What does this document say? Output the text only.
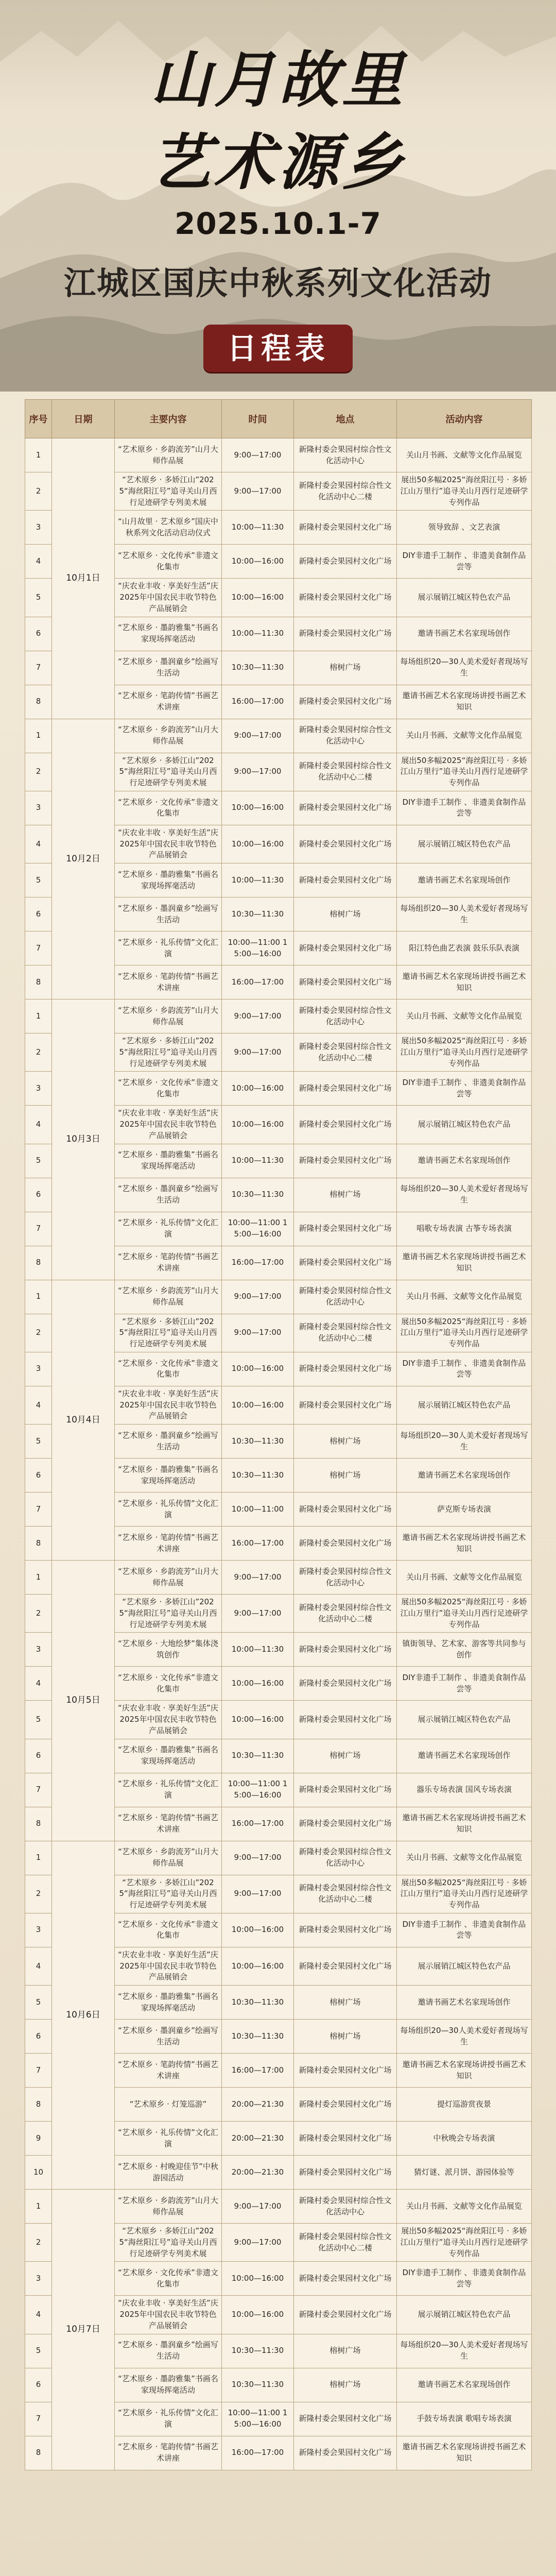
山月故里
艺术源乡
2025.10.1-7
江城区国庆中秋系列文化活动
日程表
序号	日期	主要内容	时间	地点	活动内容
1	10月1日	“艺术原乡 · 乡韵流芳”山月大师作品展	9:00—17:00	新隆村委会果园村综合性文化活动中心	关山月书画、文献等文化作品展览
2		“艺术原乡 · 多娇江山”2025“海丝阳江号”追寻关山月西行足迹研学专列美术展	9:00—17:00	新隆村委会果园村综合性文化活动中心二楼	展出50多幅2025“海丝阳江号 · 多娇江山万里行”追寻关山月西行足迹研学专列作品
3		“山月故里 · 艺术原乡”国庆中秋系列文化活动启动仪式	10:00—11:30	新隆村委会果园村文化广场	领导致辞 、文艺表演
4		“艺术原乡 · 文化传承”非遗文化集市	10:00—16:00	新隆村委会果园村文化广场	DIY非遗手工制作 、非遗美食制作品尝等
5		“庆农业丰收 · 享美好生活”庆2025年中国农民丰收节特色产品展销会	10:00—16:00	新隆村委会果园村文化广场	展示展销江城区特色农产品
6		“艺术原乡 · 墨韵雅集”书画名家现场挥毫活动	10:00—11:30	新隆村委会果园村文化广场	邀请书画艺术名家现场创作
7		“艺术原乡 · 墨润童乡”绘画写生活动	10:30—11:30	榕树广场	每场组织20—30人美术爱好者现场写生
8		“艺术原乡 · 笔韵传情”书画艺术讲座	16:00—17:00	新隆村委会果园村文化广场	邀请书画艺术名家现场讲授书画艺术知识
1	10月2日	“艺术原乡 · 乡韵流芳”山月大师作品展	9:00—17:00	新隆村委会果园村综合性文化活动中心	关山月书画、文献等文化作品展览
2		“艺术原乡 · 多娇江山”2025“海丝阳江号”追寻关山月西行足迹研学专列美术展	9:00—17:00	新隆村委会果园村综合性文化活动中心二楼	展出50多幅2025“海丝阳江号 · 多娇江山万里行”追寻关山月西行足迹研学专列作品
3		“艺术原乡 · 文化传承”非遗文化集市	10:00—16:00	新隆村委会果园村文化广场	DIY非遗手工制作 、非遗美食制作品尝等
4		“庆农业丰收 · 享美好生活”庆2025年中国农民丰收节特色产品展销会	10:00—16:00	新隆村委会果园村文化广场	展示展销江城区特色农产品
5		“艺术原乡 · 墨韵雅集”书画名家现场挥毫活动	10:00—11:30	新隆村委会果园村文化广场	邀请书画艺术名家现场创作
6		“艺术原乡 · 墨润童乡”绘画写生活动	10:30—11:30	榕树广场	每场组织20—30人美术爱好者现场写生
7		“艺术原乡 · 礼乐传情”文化汇演	10:00—11:00 15:00—16:00	新隆村委会果园村文化广场	阳江特色曲艺表演 鼓乐乐队表演
8		“艺术原乡 · 笔韵传情”书画艺术讲座	16:00—17:00	新隆村委会果园村文化广场	邀请书画艺术名家现场讲授书画艺术知识
1	10月3日	“艺术原乡 · 乡韵流芳”山月大师作品展	9:00—17:00	新隆村委会果园村综合性文化活动中心	关山月书画、文献等文化作品展览
2		“艺术原乡 · 多娇江山”2025“海丝阳江号”追寻关山月西行足迹研学专列美术展	9:00—17:00	新隆村委会果园村综合性文化活动中心二楼	展出50多幅2025“海丝阳江号 · 多娇江山万里行”追寻关山月西行足迹研学专列作品
3		“艺术原乡 · 文化传承”非遗文化集市	10:00—16:00	新隆村委会果园村文化广场	DIY非遗手工制作 、非遗美食制作品尝等
4		“庆农业丰收 · 享美好生活”庆2025年中国农民丰收节特色产品展销会	10:00—16:00	新隆村委会果园村文化广场	展示展销江城区特色农产品
5		“艺术原乡 · 墨韵雅集”书画名家现场挥毫活动	10:00—11:30	新隆村委会果园村文化广场	邀请书画艺术名家现场创作
6		“艺术原乡 · 墨润童乡”绘画写生活动	10:30—11:30	榕树广场	每场组织20—30人美术爱好者现场写生
7		“艺术原乡 · 礼乐传情”文化汇演	10:00—11:00 15:00—16:00	新隆村委会果园村文化广场	唱歌专场表演 古筝专场表演
8		“艺术原乡 · 笔韵传情”书画艺术讲座	16:00—17:00	新隆村委会果园村文化广场	邀请书画艺术名家现场讲授书画艺术知识
1	10月4日	“艺术原乡 · 乡韵流芳”山月大师作品展	9:00—17:00	新隆村委会果园村综合性文化活动中心	关山月书画、文献等文化作品展览
2		“艺术原乡 · 多娇江山”2025“海丝阳江号”追寻关山月西行足迹研学专列美术展	9:00—17:00	新隆村委会果园村综合性文化活动中心二楼	展出50多幅2025“海丝阳江号 · 多娇江山万里行”追寻关山月西行足迹研学专列作品
3		“艺术原乡 · 文化传承”非遗文化集市	10:00—16:00	新隆村委会果园村文化广场	DIY非遗手工制作 、非遗美食制作品尝等
4		“庆农业丰收 · 享美好生活”庆2025年中国农民丰收节特色产品展销会	10:00—16:00	新隆村委会果园村文化广场	展示展销江城区特色农产品
5		“艺术原乡 · 墨润童乡”绘画写生活动	10:30—11:30	榕树广场	每场组织20—30人美术爱好者现场写生
6		“艺术原乡 · 墨韵雅集”书画名家现场挥毫活动	10:30—11:30	榕树广场	邀请书画艺术名家现场创作
7		“艺术原乡 · 礼乐传情”文化汇演	10:00—11:00	新隆村委会果园村文化广场	萨克斯专场表演
8		“艺术原乡 · 笔韵传情”书画艺术讲座	16:00—17:00	新隆村委会果园村文化广场	邀请书画艺术名家现场讲授书画艺术知识
1	10月5日	“艺术原乡 · 乡韵流芳”山月大师作品展	9:00—17:00	新隆村委会果园村综合性文化活动中心	关山月书画、文献等文化作品展览
2		“艺术原乡 · 多娇江山”2025“海丝阳江号”追寻关山月西行足迹研学专列美术展	9:00—17:00	新隆村委会果园村综合性文化活动中心二楼	展出50多幅2025“海丝阳江号 · 多娇江山万里行”追寻关山月西行足迹研学专列作品
3		“艺术原乡 · 大地绘梦”集体浇筑创作	10:00—11:30	新隆村委会果园村文化广场	镇街领导、艺术家、游客等共同参与创作
4		“艺术原乡 · 文化传承”非遗文化集市	10:00—16:00	新隆村委会果园村文化广场	DIY非遗手工制作 、非遗美食制作品尝等
5		“庆农业丰收 · 享美好生活”庆2025年中国农民丰收节特色产品展销会	10:00—16:00	新隆村委会果园村文化广场	展示展销江城区特色农产品
6		“艺术原乡 · 墨韵雅集”书画名家现场挥毫活动	10:30—11:30	榕树广场	邀请书画艺术名家现场创作
7		“艺术原乡 · 礼乐传情”文化汇演	10:00—11:00 15:00—16:00	新隆村委会果园村文化广场	器乐专场表演 国风专场表演
8		“艺术原乡 · 笔韵传情”书画艺术讲座	16:00—17:00	新隆村委会果园村文化广场	邀请书画艺术名家现场讲授书画艺术知识
1	10月6日	“艺术原乡 · 乡韵流芳”山月大师作品展	9:00—17:00	新隆村委会果园村综合性文化活动中心	关山月书画、文献等文化作品展览
2		“艺术原乡 · 多娇江山”2025“海丝阳江号”追寻关山月西行足迹研学专列美术展	9:00—17:00	新隆村委会果园村综合性文化活动中心二楼	展出50多幅2025“海丝阳江号 · 多娇江山万里行”追寻关山月西行足迹研学专列作品
3		“艺术原乡 · 文化传承”非遗文化集市	10:00—16:00	新隆村委会果园村文化广场	DIY非遗手工制作 、非遗美食制作品尝等
4		“庆农业丰收 · 享美好生活”庆2025年中国农民丰收节特色产品展销会	10:00—16:00	新隆村委会果园村文化广场	展示展销江城区特色农产品
5		“艺术原乡 · 墨韵雅集”书画名家现场挥毫活动	10:30—11:30	榕树广场	邀请书画艺术名家现场创作
6		“艺术原乡 · 墨润童乡”绘画写生活动	10:30—11:30	榕树广场	每场组织20—30人美术爱好者现场写生
7		“艺术原乡 · 笔韵传情”书画艺术讲座	16:00—17:00	新隆村委会果园村文化广场	邀请书画艺术名家现场讲授书画艺术知识
8		“艺术原乡 · 灯笼巡游”	20:00—21:30	新隆村委会果园村文化广场	提灯巡游赏夜景
9		“艺术原乡 · 礼乐传情”文化汇演	20:00—21:30	新隆村委会果园村文化广场	中秋晚会专场表演
10		“艺术原乡 · 村晚迎佳节”中秋游园活动	20:00—21:30	新隆村委会果园村文化广场	猜灯谜、派月饼、游园体验等
1	10月7日	“艺术原乡 · 乡韵流芳”山月大师作品展	9:00—17:00	新隆村委会果园村综合性文化活动中心	关山月书画、文献等文化作品展览
2		“艺术原乡 · 多娇江山”2025“海丝阳江号”追寻关山月西行足迹研学专列美术展	9:00—17:00	新隆村委会果园村综合性文化活动中心二楼	展出50多幅2025“海丝阳江号 · 多娇江山万里行”追寻关山月西行足迹研学专列作品
3		“艺术原乡 · 文化传承”非遗文化集市	10:00—16:00	新隆村委会果园村文化广场	DIY非遗手工制作 、非遗美食制作品尝等
4		“庆农业丰收 · 享美好生活”庆2025年中国农民丰收节特色产品展销会	10:00—16:00	新隆村委会果园村文化广场	展示展销江城区特色农产品
5		“艺术原乡 · 墨润童乡”绘画写生活动	10:30—11:30	榕树广场	每场组织20—30人美术爱好者现场写生
6		“艺术原乡 · 墨韵雅集”书画名家现场挥毫活动	10:30—11:30	榕树广场	邀请书画艺术名家现场创作
7		“艺术原乡 · 礼乐传情”文化汇演	10:00—11:00 15:00—16:00	新隆村委会果园村文化广场	手鼓专场表演 歌唱专场表演
8		“艺术原乡 · 笔韵传情”书画艺术讲座	16:00—17:00	新隆村委会果园村文化广场	邀请书画艺术名家现场讲授书画艺术知识
